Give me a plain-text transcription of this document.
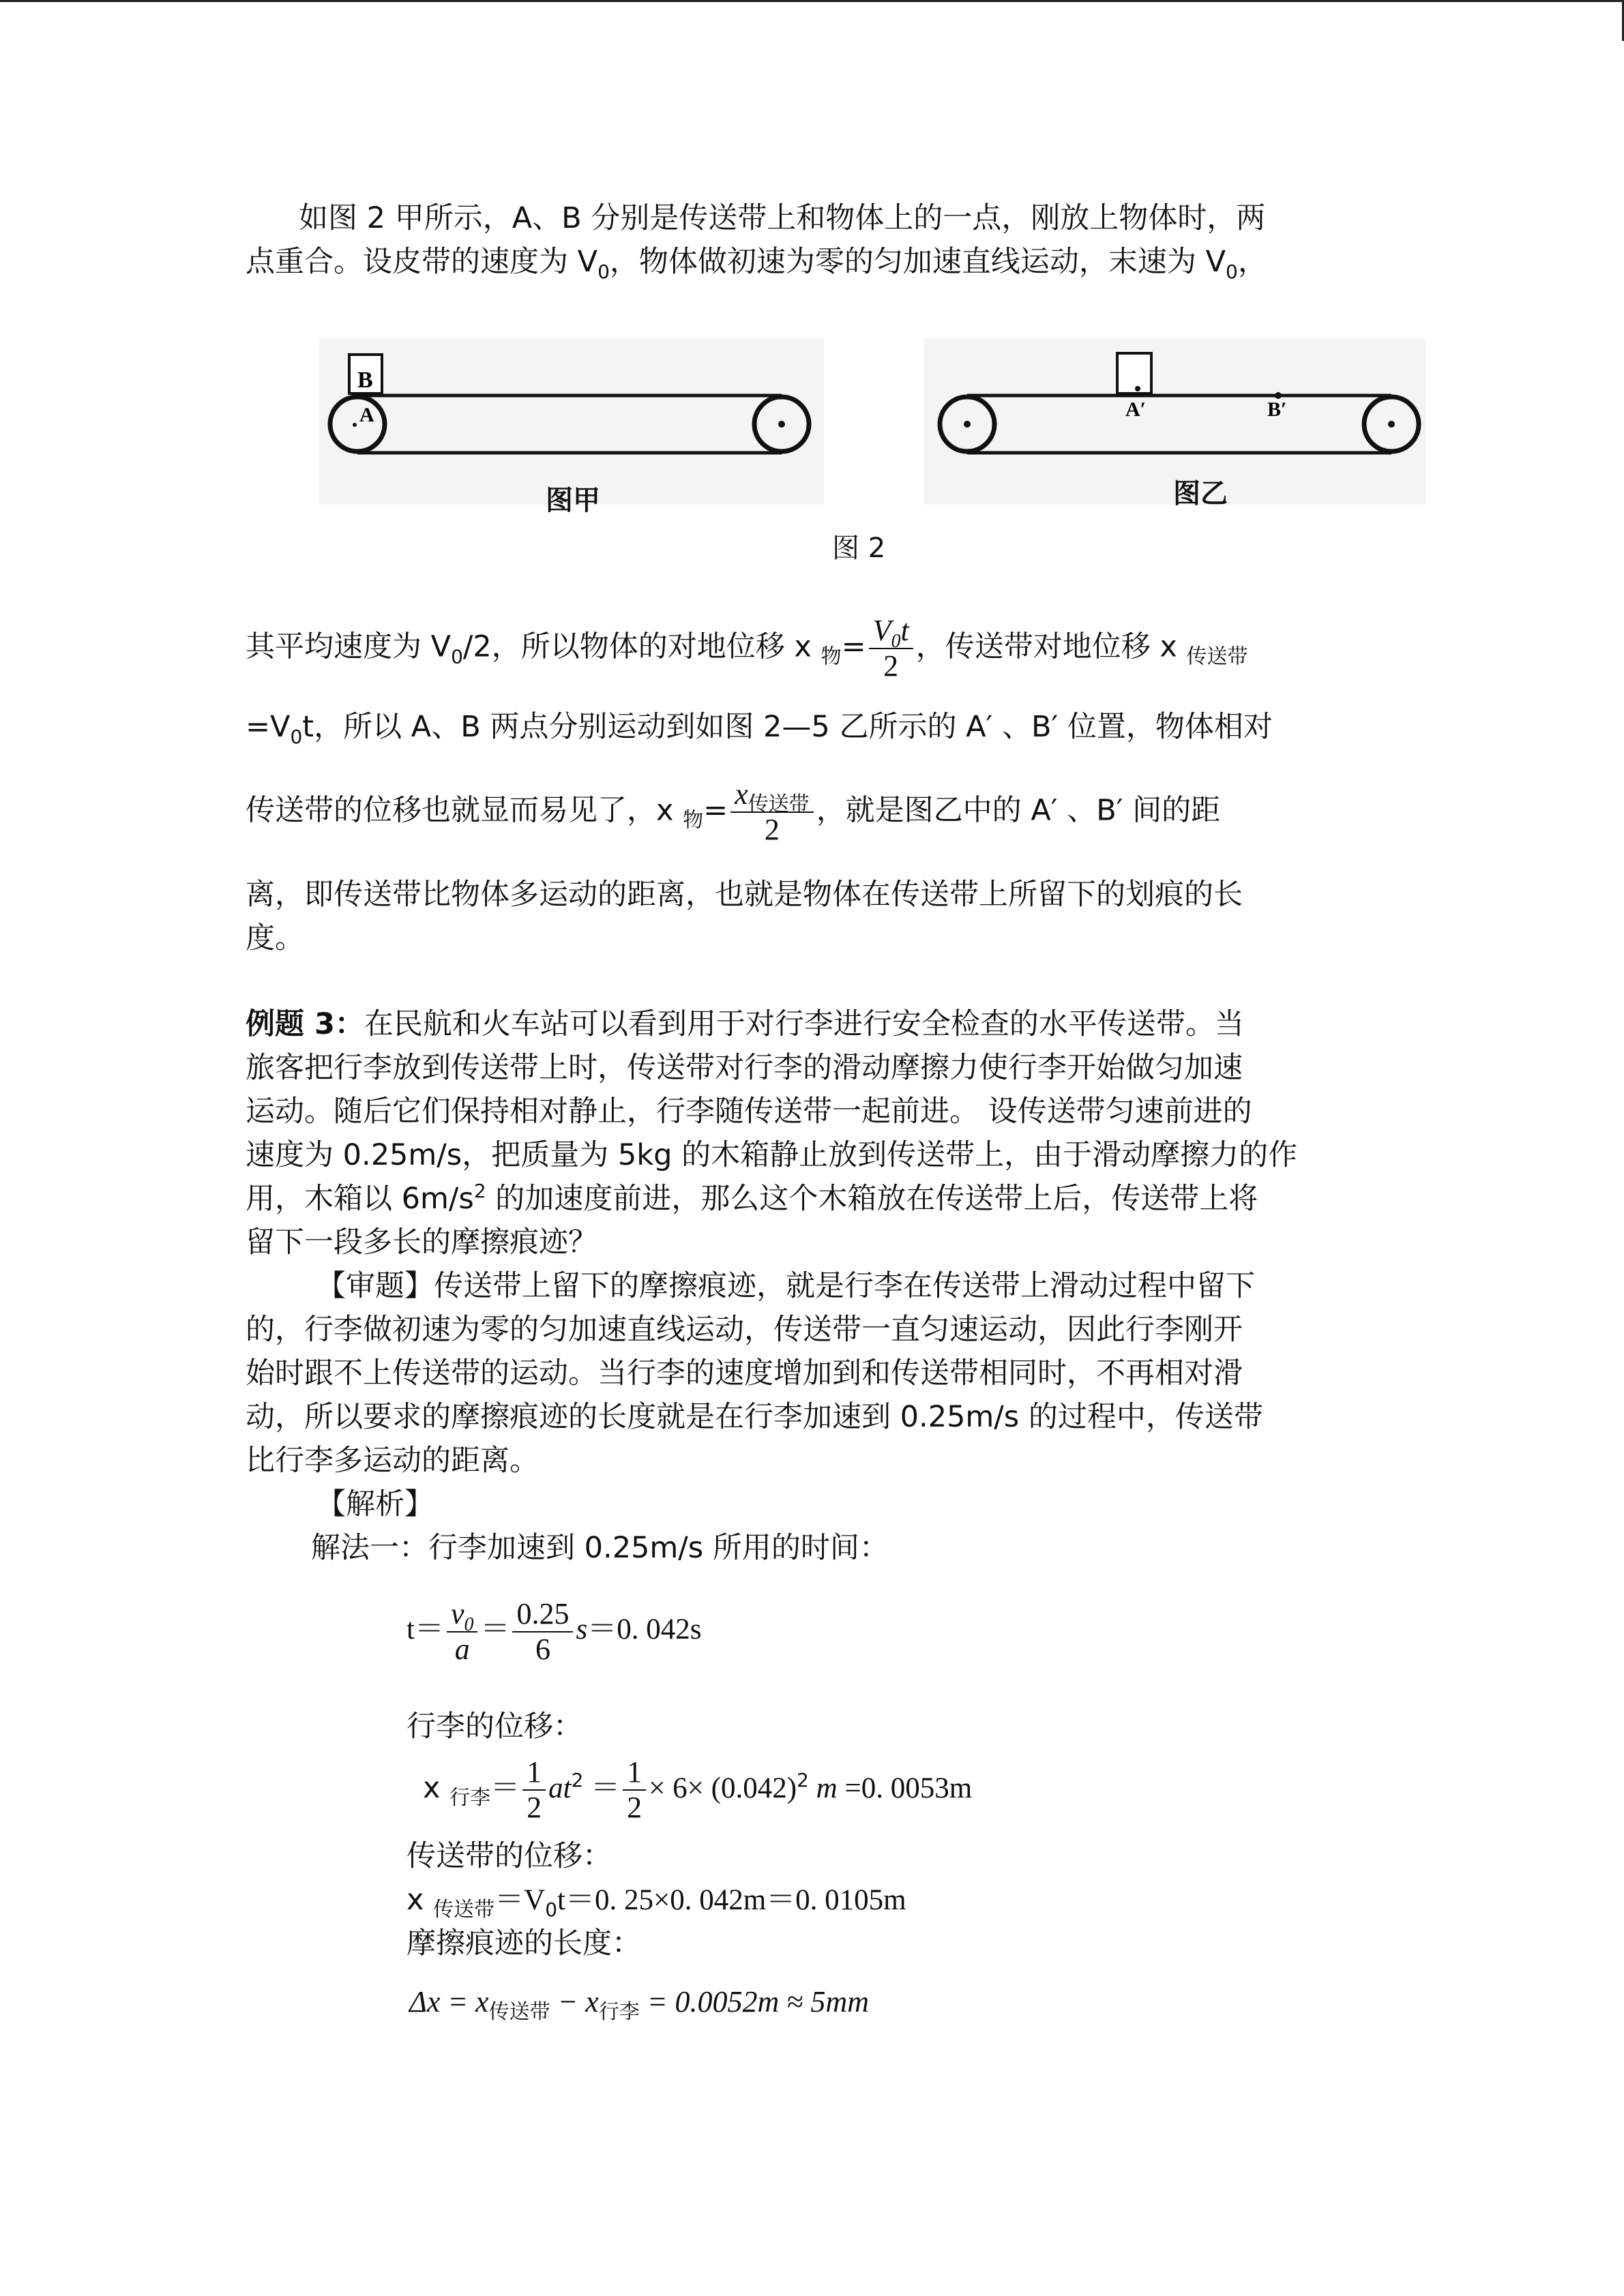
如图 2 甲所示，A、B 分别是传送带上和物体上的一点，刚放上物体时，两
点重合。设皮带的速度为 $V_0$，物体做初速为零的匀加速直线运动，末速为 $V_0$，
B
A	A′	B′
图甲	图乙
图 2
其平均速度为 $V_0/2$，所以物体的对地位移 x $_物= \frac{V_0t}{2}$ ，传送带对地位移 x $_{传送带}$
$=V_0t$，所以 A、B 两点分别运动到如图 2—5 乙所示的 A′ 、B′ 位置，物体相对
传送带的位移也就显而易见了，x $_物= \frac{x_{传送带}}{2}$ ，就是图乙中的 A′ 、B′ 间的距
离，即传送带比物体多运动的距离，也就是物体在传送带上所留下的划痕的长
度。
例题 3：在民航和火车站可以看到用于对行李进行安全检查的水平传送带。当
旅客把行李放到传送带上时，传送带对行李的滑动摩擦力使行李开始做匀加速
运动。随后它们保持相对静止，行李随传送带一起前进。 设传送带匀速前进的
速度为 0.25m/s，把质量为 5kg 的木箱静止放到传送带上，由于滑动摩擦力的作
用，木箱以 $6m/s^2$ 的加速度前进，那么这个木箱放在传送带上后，传送带上将
留下一段多长的摩擦痕迹？
【审题】传送带上留下的摩擦痕迹，就是行李在传送带上滑动过程中留下
的，行李做初速为零的匀加速直线运动，传送带一直匀速运动，因此行李刚开
始时跟不上传送带的运动。当行李的速度增加到和传送带相同时，不再相对滑
动，所以要求的摩擦痕迹的长度就是在行李加速到 0.25m/s 的过程中，传送带
比行李多运动的距离。
【解析】
解法一：行李加速到 0.25m/s 所用的时间：
$t= \frac{v_0}{a} = \frac{0.25}{6} s=0$. 042s
行李的位移：
x $_{行李}= \frac{1}{2} at^2 = \frac{1}{2} \times 6\times (0.042)^2$ m =0. 0053m
传送带的位移：
x $_{传送带}=V_0t=0$. 25×0. 042m＝0. 0105m
摩擦痕迹的长度：
$\Delta x = x_{传送带} - x_{行李} = 0.0052m \approx 5mm$
